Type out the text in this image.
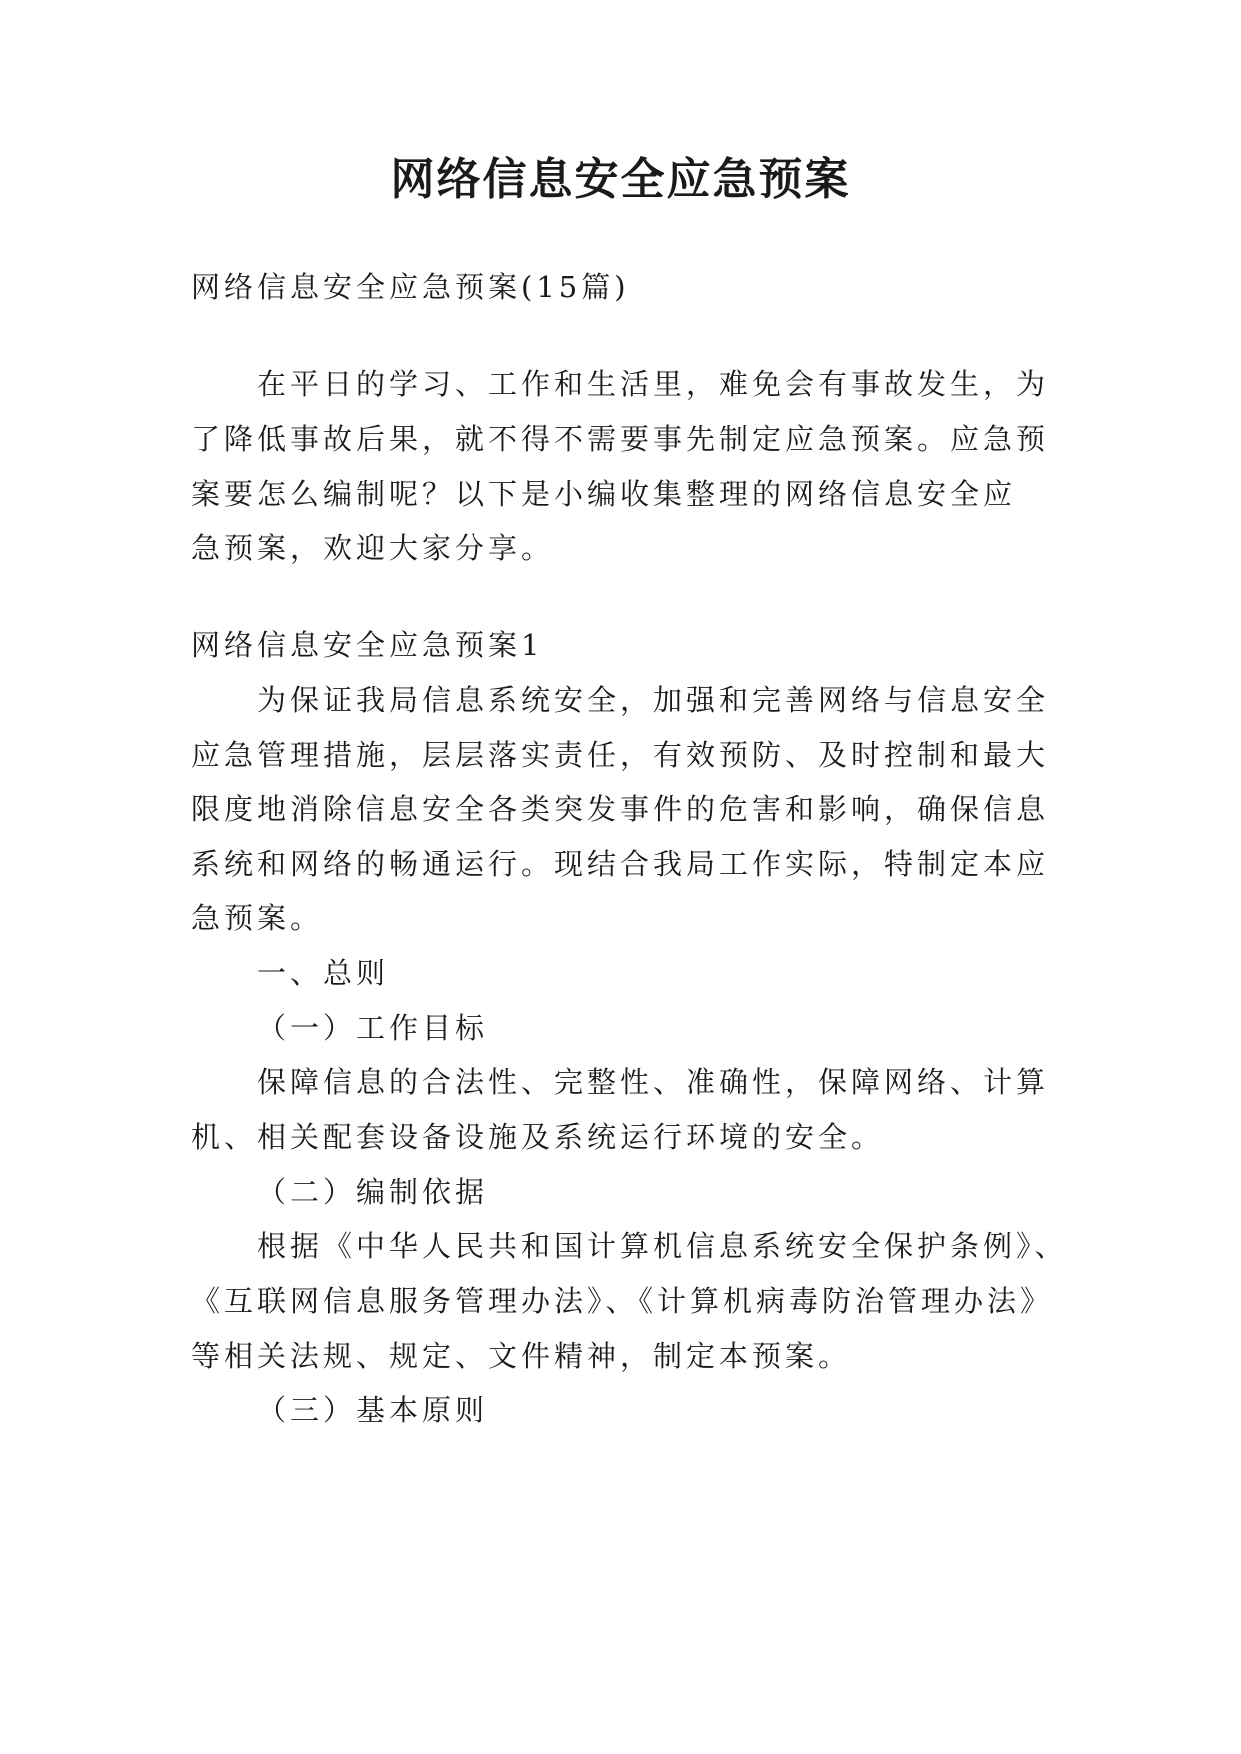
网络信息安全应急预案
网络信息安全应急预案(15篇)
在平日的学习、工作和生活里，难免会有事故发生，为
了降低事故后果，就不得不需要事先制定应急预案。应急预
案要怎么编制呢？以下是小编收集整理的网络信息安全应
急预案，欢迎大家分享。
网络信息安全应急预案1
为保证我局信息系统安全，加强和完善网络与信息安全
应急管理措施，层层落实责任，有效预防、及时控制和最大
限度地消除信息安全各类突发事件的危害和影响，确保信息
系统和网络的畅通运行。现结合我局工作实际，特制定本应
急预案。
一、总则
（一）工作目标
保障信息的合法性、完整性、准确性，保障网络、计算
机、相关配套设备设施及系统运行环境的安全。
（二）编制依据
根据《中华人民共和国计算机信息系统安全保护条例》、
《互联网信息服务管理办法》、《计算机病毒防治管理办法》
等相关法规、规定、文件精神，制定本预案。
（三）基本原则
